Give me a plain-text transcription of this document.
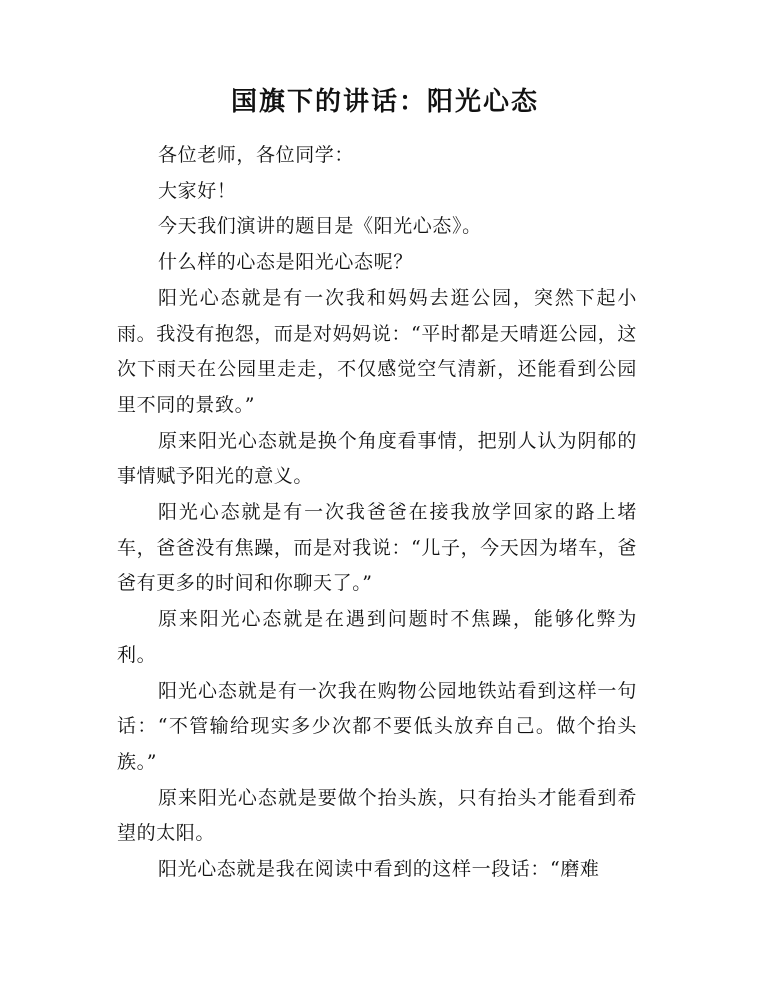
国旗下的讲话：阳光心态

各位老师，各位同学：

大家好！

今天我们演讲的题目是《阳光心态》。

什么样的心态是阳光心态呢？

阳光心态就是有一次我和妈妈去逛公园，突然下起小雨。我没有抱怨，而是对妈妈说：“平时都是天晴逛公园，这次下雨天在公园里走走，不仅感觉空气清新，还能看到公园里不同的景致。”

原来阳光心态就是换个角度看事情，把别人认为阴郁的事情赋予阳光的意义。

阳光心态就是有一次我爸爸在接我放学回家的路上堵车，爸爸没有焦躁，而是对我说：“儿子，今天因为堵车，爸爸有更多的时间和你聊天了。”

原来阳光心态就是在遇到问题时不焦躁，能够化弊为利。

阳光心态就是有一次我在购物公园地铁站看到这样一句话：“不管输给现实多少次都不要低头放弃自己。做个抬头族。”

原来阳光心态就是要做个抬头族，只有抬头才能看到希望的太阳。

阳光心态就是我在阅读中看到的这样一段话：“磨难
